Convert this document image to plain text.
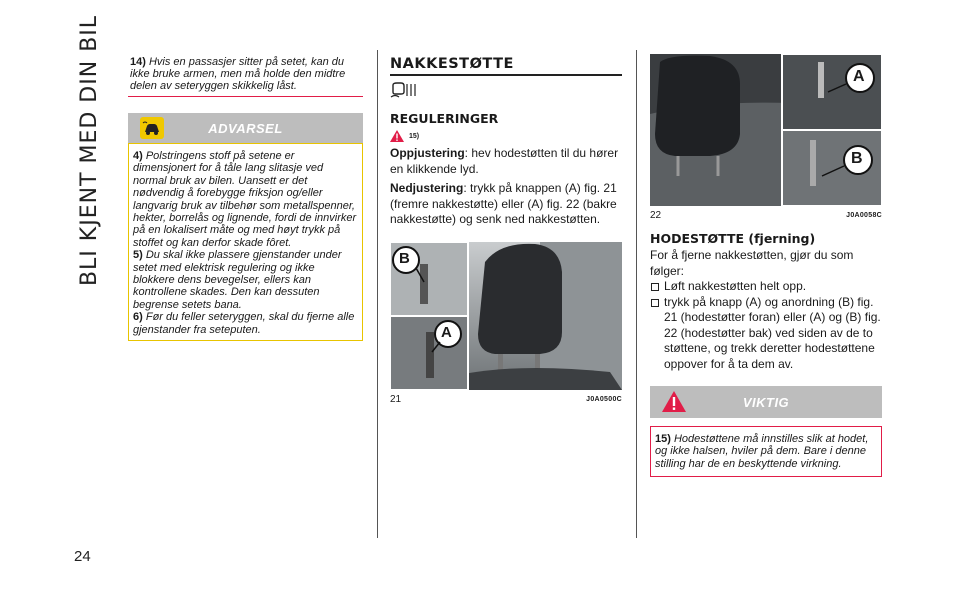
BLI KJENT MED DIN BIL
24
14) Hvis en passasjer sitter på setet, kan du ikke bruke armen, men må holde den midtre delen av seteryggen skikkelig låst.
ADVARSEL

4) Polstringens stoff på setene er dimensjonert for å tåle lang slitasje ved normal bruk av bilen. Uansett er det nødvendig å forebygge friksjon og/eller langvarig bruk av tilbehør som metallspenner, hekter, borrelås og lignende, fordi de innvirker på en lokalisert måte og med høyt trykk på stoffet og kan derfor skade fôret.

5) Du skal ikke plassere gjenstander under setet med elektrisk regulering og ikke blokkere dens bevegelser, ellers kan kontrollene skades. Den kan dessuten begrense setets bana.

6) Før du feller seteryggen, skal du fjerne alle gjenstander fra seteputen.

NAKKESTØTTE
REGULERINGER
15)

Oppjustering: hev hodestøtten til du hører en klikkende lyd.

Nedjustering: trykk på knappen (A) fig. 21 (fremre nakkestøtte) eller (A) fig. 22 (bakre nakkestøtte) og senk ned nakkestøtten.

B
A
21	J0A0500C
A
B
22	J0A0058C
HODESTØTTE (fjerning)

For å fjerne nakkestøtten, gjør du som følger:

Løft nakkestøtten helt opp.
trykk på knapp (A) og anordning (B) fig. 21 (hodestøtter foran) eller (A) og (B) fig. 22 (hodestøtter bak) ved siden av de to støttene, og trekk deretter hodestøttene oppover for å ta dem av.
VIKTIG

15) Hodestøttene må innstilles slik at hodet, og ikke halsen, hviler på dem. Bare i denne stilling har de en beskyttende virkning.
